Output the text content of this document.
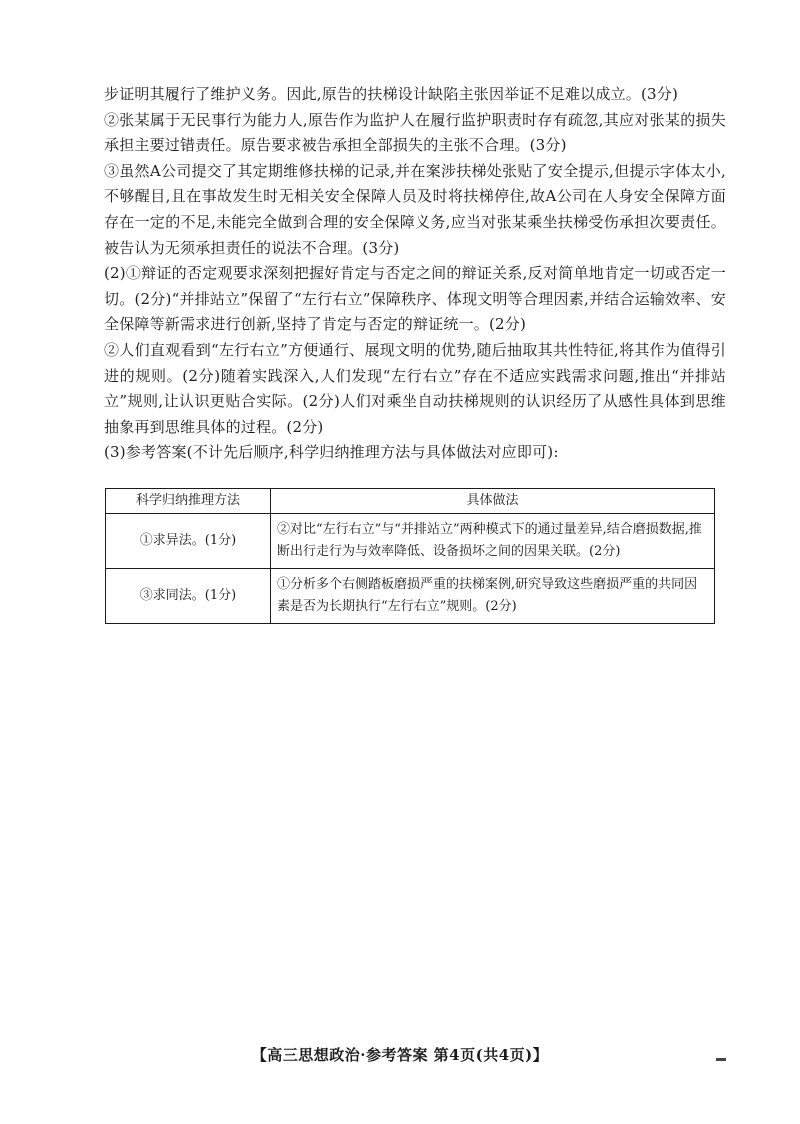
步证明其履行了维护义务。因此,原告的扶梯设计缺陷主张因举证不足难以成立。(3分)

②张某属于无民事行为能力人,原告作为监护人在履行监护职责时存有疏忽,其应对张某的损失承担主要过错责任。原告要求被告承担全部损失的主张不合理。(3分)

③虽然A公司提交了其定期维修扶梯的记录,并在案涉扶梯处张贴了安全提示,但提示字体太小,不够醒目,且在事故发生时无相关安全保障人员及时将扶梯停住,故A公司在人身安全保障方面存在一定的不足,未能完全做到合理的安全保障义务,应当对张某乘坐扶梯受伤承担次要责任。被告认为无须承担责任的说法不合理。(3分)

(2)①辩证的否定观要求深刻把握好肯定与否定之间的辩证关系,反对简单地肯定一切或否定一切。(2分)“并排站立”保留了“左行右立”保障秩序、体现文明等合理因素,并结合运输效率、安全保障等新需求进行创新,坚持了肯定与否定的辩证统一。(2分)

②人们直观看到“左行右立”方便通行、展现文明的优势,随后抽取其共性特征,将其作为值得引进的规则。(2分)随着实践深入,人们发现“左行右立”存在不适应实践需求问题,推出“并排站立”规则,让认识更贴合实际。(2分)人们对乘坐自动扶梯规则的认识经历了从感性具体到思维抽象再到思维具体的过程。(2分)

(3)参考答案(不计先后顺序,科学归纳推理方法与具体做法对应即可):

科学归纳推理方法	具体做法
①求异法。(1分)	②对比“左行右立”与“并排站立”两种模式下的通过量差异,结合磨损数据,推断出行走行为与效率降低、设备损坏之间的因果关联。(2分)
③求同法。(1分)	①分析多个右侧踏板磨损严重的扶梯案例,研究导致这些磨损严重的共同因素是否为长期执行“左行右立”规则。(2分)
【高三思想政治·参考答案 第4页(共4页)】
